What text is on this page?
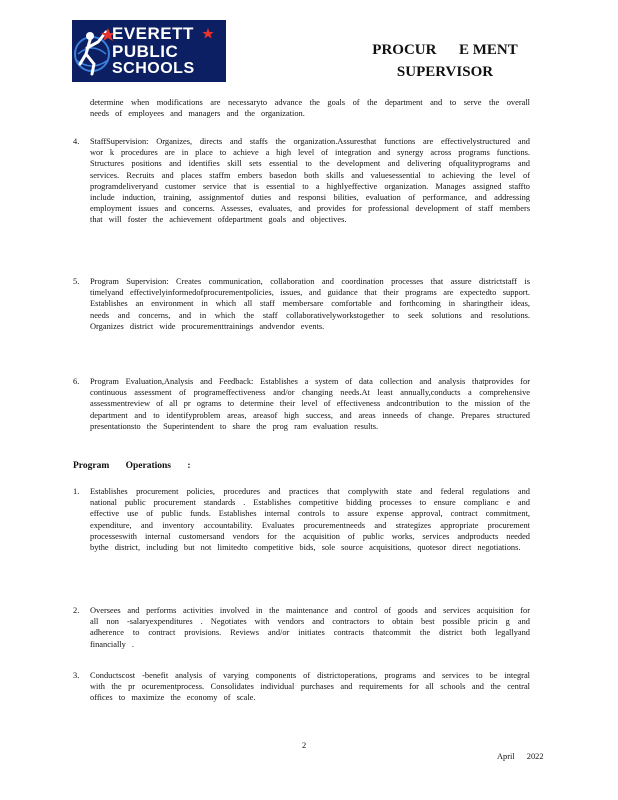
EVERETT
PUBLIC
SCHOOLS
PROCUR      E MENT
SUPERVISOR

determine when modifications are necessaryto advance the goals of the department and to serve the overall needs of employees and managers and the organization.

4. StaffSupervision: Organizes, directs and staffs the organization.Assuresthat functions are effectivelystructured and wor k procedures are in place to achieve a high level of integration and synergy across programs functions. Structures positions and identifies skill sets essential to the development and delivering ofqualityprograms and services. Recruits and places staffm embers basedon both skills and valuesessential to achieving the level of programdeliveryand customer service that is essential to a highlyeffective organization. Manages assigned staffto include induction, training, assignmentof duties and responsi bilities, evaluation of performance, and addressing employment issues and concerns. Assesses, evaluates, and provides for professional development of staff members that will foster the achievement ofdepartment goals and objectives.

5. Program Supervision: Creates communication, collaboration and coordination processes that assure districtstaff is timelyand effectivelyinformedofprocurementpolicies, issues, and guidance that their programs are expectedto support. Establishes an environment in which all staff membersare comfortable and forthcoming in sharingtheir ideas, needs and concerns, and in which the staff collaborativelyworkstogether to seek solutions and resolutions. Organizes district wide procurementtrainings andvendor events.

6. Program Evaluation,Analysis and Feedback: Establishes a system of data collection and analysis thatprovides for continuous assessment of programeffectiveness and/or changing needs.At least annually,conducts a comprehensive assessmentreview of all pr ograms to determine their level of effectiveness andcontribution to the mission of the department and to identifyproblem areas, areasof high success, and areas inneeds of change. Prepares structured presentationsto the Superintendent to share the prog ram evaluation results.

Program Operations :
1. Establishes procurement policies, procedures and practices that complywith state and federal regulations and national public procurement standards . Establishes competitive bidding processes to ensure complianc e and effective use of public funds. Establishes internal controls to assure expense approval, contract commitment, expenditure, and inventory accountability. Evaluates procurementneeds and strategizes appropriate procurement processeswith internal customersand vendors for the acquisition of public works, services andproducts needed bythe district, including but not limitedto competitive bids, sole source acquisitions, quotesor direct negotiations.

2. Oversees and performs activities involved in the maintenance and control of goods and services acquisition for all non -salaryexpenditures . Negotiates with vendors and contractors to obtain best possible pricin g and adherence to contract provisions. Reviews and/or initiates contracts thatcommit the district both legallyand financially .

3. Conductscost -benefit analysis of varying components of districtoperations, programs and services to be integral with the pr ocurementprocess. Consolidates individual purchases and requirements for all schools and the central offices to maximize the economy of scale.

2
April 2022
